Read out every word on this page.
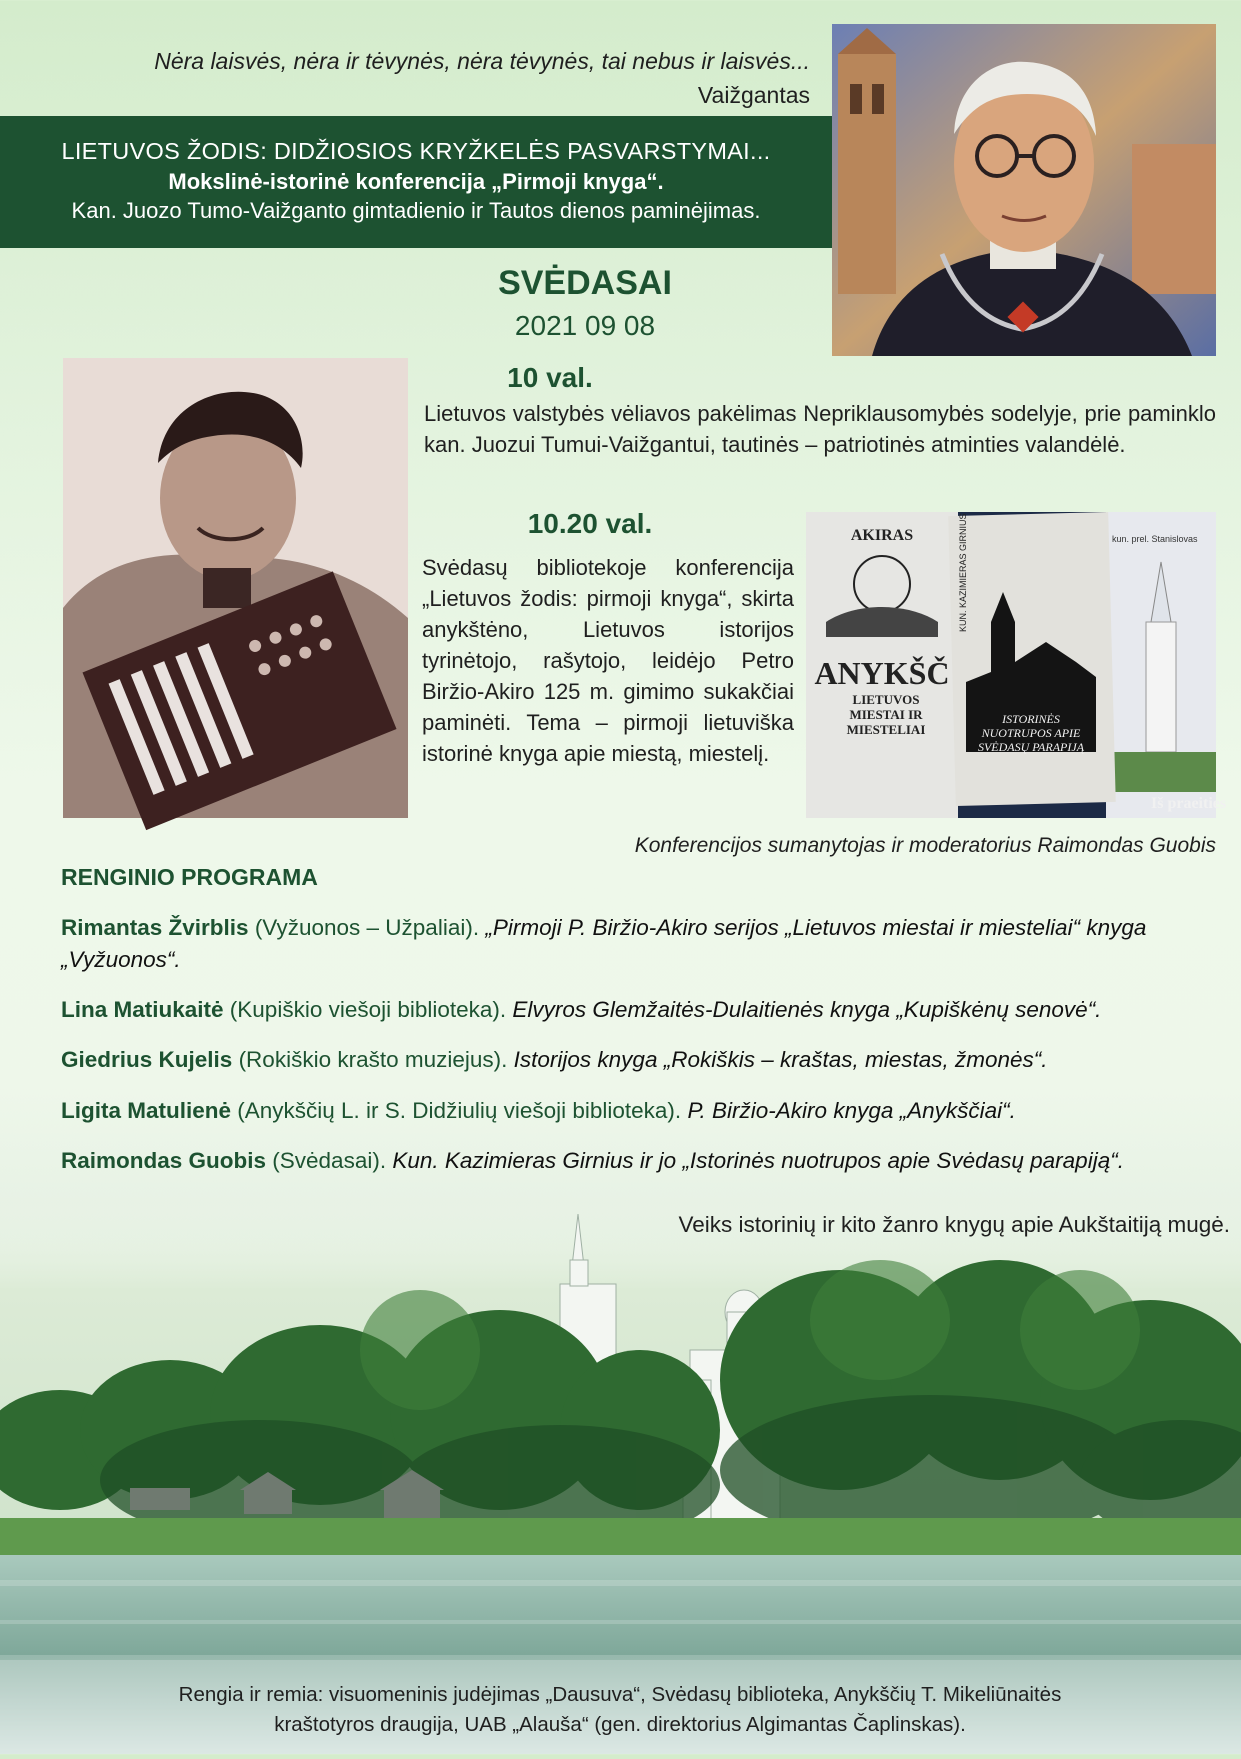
Nėra laisvės, nėra ir tėvynės, nėra tėvynės, tai nebus ir laisvės...
Vaižgantas
LIETUVOS ŽODIS: DIDŽIOSIOS KRYŽKELĖS PASVARSTYMAI...
Mokslinė-istorinė konferencija „Pirmoji knyga“.
Kan. Juozo Tumo-Vaižganto gimtadienio ir Tautos dienos paminėjimas.
SVĖDASAI
2021 09 08
10 val.
Lietuvos valstybės vėliavos pakėlimas Nepriklausomybės sodelyje, prie paminklo kan. Juozui Tumui-Vaižgantui, tautinės – patriotinės atminties valandėlė.
10.20 val.
Svėdasų bibliotekoje konferencija „Lietuvos žodis: pirmoji knyga“, skirta anykštėno, Lietuvos istorijos tyrinėtojo, rašytojo, leidėjo Petro Biržio-Akiro 125 m. gimimo sukakčiai paminėti. Tema – pirmoji lietuviška istorinė knyga apie miestą, miestelį.
AKIRAS
ANYKŠČ
LIETUVOS MIESTAI IR MIESTELIAI
kun. prel. Stanislovas
Iš praeities
KUN. KAZIMIERAS GIRNIUS
ISTORINĖS NUOTRUPOS APIE SVĖDASŲ PARAPIJĄ
Konferencijos sumanytojas ir moderatorius Raimondas Guobis
RENGINIO PROGRAMA
Rimantas Žvirblis (Vyžuonos – Užpaliai). „Pirmoji P. Biržio-Akiro serijos „Lietuvos miestai ir miesteliai“ knyga „Vyžuonos“.
Lina Matiukaitė (Kupiškio viešoji biblioteka). Elvyros Glemžaitės-Dulaitienės knyga „Kupiškėnų senovė“.
Giedrius Kujelis (Rokiškio krašto muziejus). Istorijos knyga „Rokiškis – kraštas, miestas, žmonės“.
Ligita Matulienė (Anykščių L. ir S. Didžiulių viešoji biblioteka). P. Biržio-Akiro knyga „Anykščiai“.
Raimondas Guobis (Svėdasai). Kun. Kazimieras Girnius ir jo „Istorinės nuotrupos apie Svėdasų parapiją“.
Veiks istorinių ir kito žanro knygų apie Aukštaitiją mugė.
Rengia ir remia: visuomeninis judėjimas „Dausuva“, Svėdasų biblioteka, Anykščių T. Mikeliūnaitės
kraštotyros draugija, UAB „Alauša“ (gen. direktorius Algimantas Čaplinskas).
